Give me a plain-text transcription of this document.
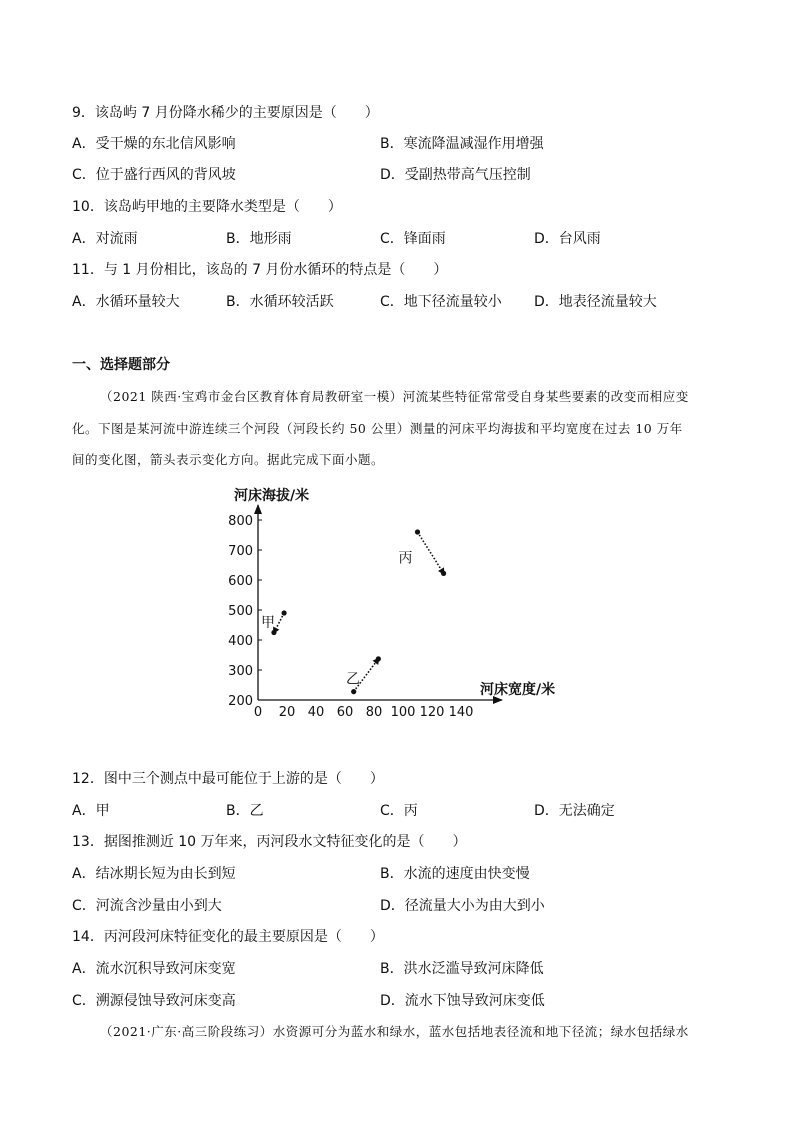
9．该岛屿 7 月份降水稀少的主要原因是（　　）
A．受干燥的东北信风影响	B．寒流降温减湿作用增强
C．位于盛行西风的背风坡	D．受副热带高气压控制
10．该岛屿甲地的主要降水类型是（　　）
A．对流雨	B．地形雨	C．锋面雨	D．台风雨
11．与 1 月份相比，该岛的 7 月份水循环的特点是（　　）
A．水循环量较大	B．水循环较活跃	C．地下径流量较小 D．地表径流量较大
一、选择题部分
（2021 陕西·宝鸡市金台区教育体育局教研室一模）河流某些特征常常受自身某些要素的改变而相应变
化。下图是某河流中游连续三个河段（河段长约 50 公里）测量的河床平均海拔和平均宽度在过去 10 万年
间的变化图，箭头表示变化方向。据此完成下面小题。
0 20 40 60 80 100 120 140
200
300
400
500
600
700
800
甲
乙
丙
河床海拔/米
河床宽度/米
12．图中三个测点中最可能位于上游的是（　　）
A．甲	B．乙	C．丙	D．无法确定
13．据图推测近 10 万年来，丙河段水文特征变化的是（　　）
A．结冰期长短为由长到短	B．水流的速度由快变慢
C．河流含沙量由小到大	D．径流量大小为由大到小
14．丙河段河床特征变化的最主要原因是（　　）
A．流水沉积导致河床变宽	B．洪水泛滥导致河床降低
C．溯源侵蚀导致河床变高	D．流水下蚀导致河床变低
（2021·广东·高三阶段练习）水资源可分为蓝水和绿水，蓝水包括地表径流和地下径流；绿水包括绿水
